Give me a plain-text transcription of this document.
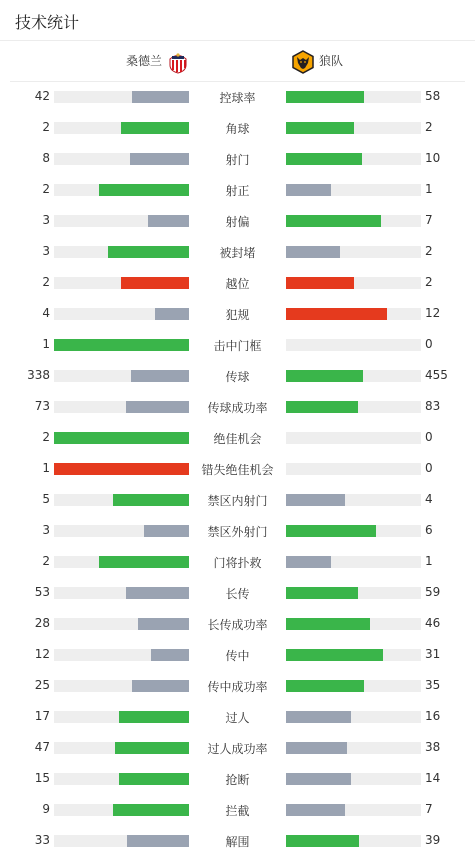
技术统计
桑德兰	狼队
42	控球率	58
2	角球	2
8	射门	10
2	射正	1
3	射偏	7
3	被封堵	2
2	越位	2
4	犯规	12
1	击中门框	0
338	传球	455
73	传球成功率	83
2	绝佳机会	0
1	错失绝佳机会	0
5	禁区内射门	4
3	禁区外射门	6
2	门将扑救	1
53	长传	59
28	长传成功率	46
12	传中	31
25	传中成功率	35
17	过人	16
47	过人成功率	38
15	抢断	14
9	拦截	7
33	解围	39
